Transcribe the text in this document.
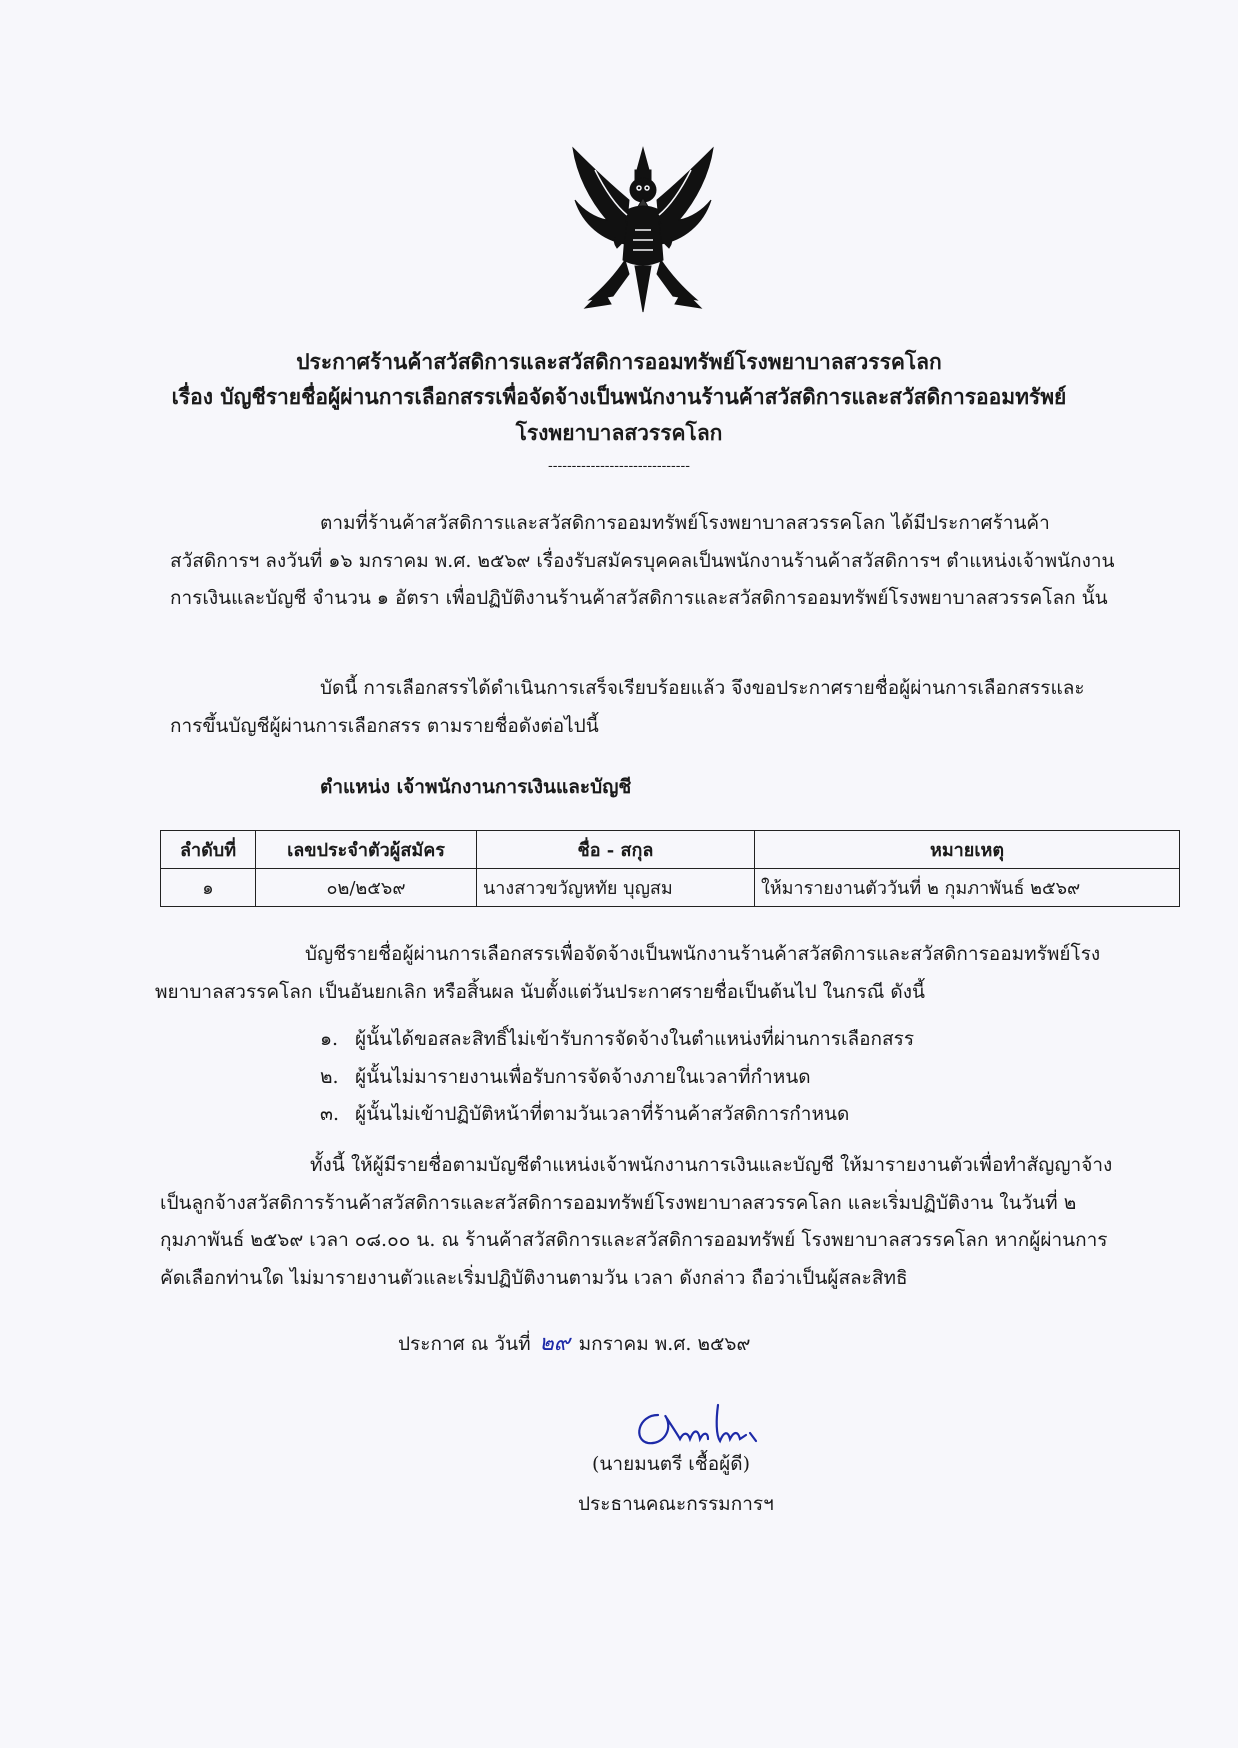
ประกาศร้านค้าสวัสดิการและสวัสดิการออมทรัพย์โรงพยาบาลสวรรคโลก
เรื่อง บัญชีรายชื่อผู้ผ่านการเลือกสรรเพื่อจัดจ้างเป็นพนักงานร้านค้าสวัสดิการและสวัสดิการออมทรัพย์
โรงพยาบาลสวรรคโลก
------------------------------

ตามที่ร้านค้าสวัสดิการและสวัสดิการออมทรัพย์โรงพยาบาลสวรรคโลก ได้มีประกาศร้านค้าสวัสดิการฯ ลงวันที่ ๑๖ มกราคม พ.ศ. ๒๕๖๙ เรื่องรับสมัครบุคคลเป็นพนักงานร้านค้าสวัสดิการฯ ตำแหน่งเจ้าพนักงานการเงินและบัญชี จำนวน ๑ อัตรา เพื่อปฏิบัติงานร้านค้าสวัสดิการและสวัสดิการออมทรัพย์โรงพยาบาลสวรรคโลก นั้น

บัดนี้ การเลือกสรรได้ดำเนินการเสร็จเรียบร้อยแล้ว จึงขอประกาศรายชื่อผู้ผ่านการเลือกสรรและการขึ้นบัญชีผู้ผ่านการเลือกสรร ตามรายชื่อดังต่อไปนี้

ตำแหน่ง เจ้าพนักงานการเงินและบัญชี
ลำดับที่	เลขประจำตัวผู้สมัคร	ชื่อ - สกุล	หมายเหตุ
๑	๐๒/๒๕๖๙	นางสาวขวัญหทัย บุญสม	ให้มารายงานตัววันที่ ๒ กุมภาพันธ์ ๒๕๖๙

บัญชีรายชื่อผู้ผ่านการเลือกสรรเพื่อจัดจ้างเป็นพนักงานร้านค้าสวัสดิการและสวัสดิการออมทรัพย์โรงพยาบาลสวรรคโลก เป็นอันยกเลิก หรือสิ้นผล นับตั้งแต่วันประกาศรายชื่อเป็นต้นไป ในกรณี ดังนี้

๑. ผู้นั้นได้ขอสละสิทธิ์ไม่เข้ารับการจัดจ้างในตำแหน่งที่ผ่านการเลือกสรร
๒. ผู้นั้นไม่มารายงานเพื่อรับการจัดจ้างภายในเวลาที่กำหนด
๓. ผู้นั้นไม่เข้าปฏิบัติหน้าที่ตามวันเวลาที่ร้านค้าสวัสดิการกำหนด

ทั้งนี้ ให้ผู้มีรายชื่อตามบัญชีตำแหน่งเจ้าพนักงานการเงินและบัญชี ให้มารายงานตัวเพื่อทำสัญญาจ้างเป็นลูกจ้างสวัสดิการร้านค้าสวัสดิการและสวัสดิการออมทรัพย์โรงพยาบาลสวรรคโลก และเริ่มปฏิบัติงาน ในวันที่ ๒ กุมภาพันธ์ ๒๕๖๙ เวลา ๐๘.๐๐ น. ณ ร้านค้าสวัสดิการและสวัสดิการออมทรัพย์ โรงพยาบาลสวรรคโลก หากผู้ผ่านการคัดเลือกท่านใด ไม่มารายงานตัวและเริ่มปฏิบัติงานตามวัน เวลา ดังกล่าว ถือว่าเป็นผู้สละสิทธิ

ประกาศ ณ วันที่ ๒๙ มกราคม พ.ศ. ๒๕๖๙
(นายมนตรี เชื้อผู้ดี)
ประธานคณะกรรมการฯ
